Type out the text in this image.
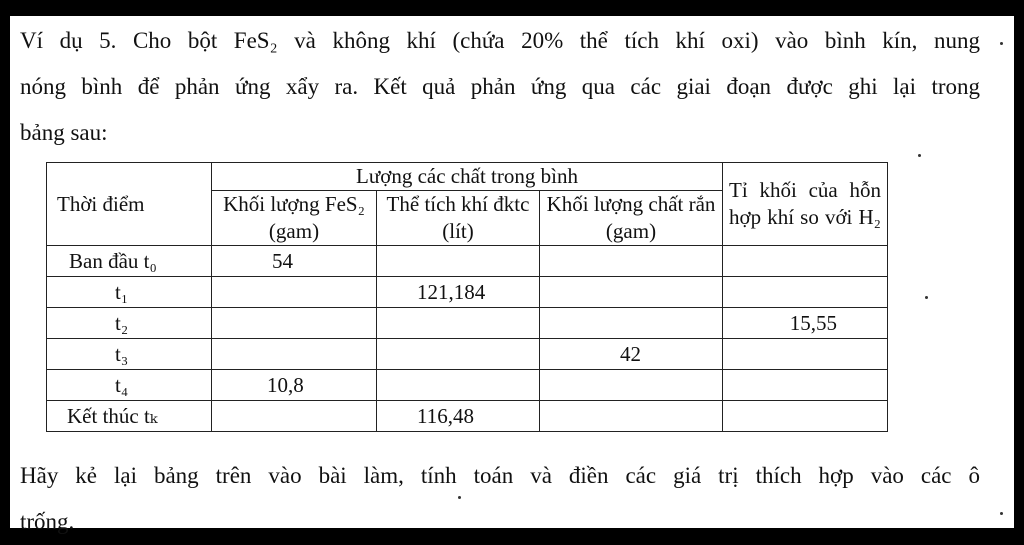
Ví dụ 5. Cho bột FeS₂ và không khí (chứa 20% thể tích khí oxi) vào bình kín, nung
nóng bình để phản ứng xẩy ra. Kết quả phản ứng qua các giai đoạn được ghi lại trong
bảng sau:
Thời điểm	Lượng các chất trong bình			Tỉ khối của hỗn hợp khí so với H₂
	Khối lượng FeS₂ (gam)	Thể tích khí đktc (lít)	Khối lượng chất rắn (gam)	
Ban đầu t₀	54			
t₁		121,184		
t₂				15,55
t₃			42	
t₄	10,8			
Kết thúc tₖ		116,48		
Hãy kẻ lại bảng trên vào bài làm, tính toán và điền các giá trị thích hợp vào các ô
trống.
